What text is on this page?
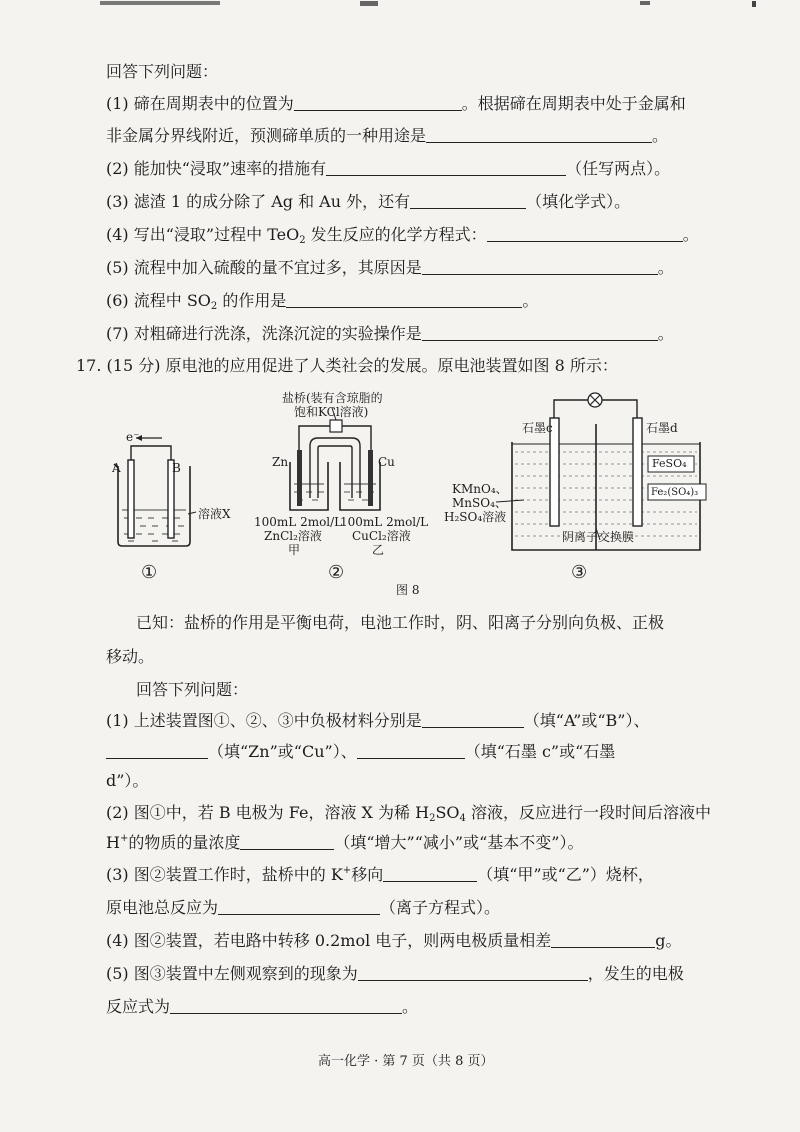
回答下列问题：
(1) 碲在周期表中的位置为	。根据碲在周期表中处于金属和
非金属分界线附近，预测碲单质的一种用途是	。
(2) 能加快“浸取”速率的措施有	（任写两点）。
(3) 滤渣 1 的成分除了 Ag 和 Au 外，还有	（填化学式）。
(4) 写出“浸取”过程中 TeO$_2$ 发生反应的化学方程式：	。
(5) 流程中加入硫酸的量不宜过多，其原因是	。
(6) 流程中 $SO_2$ 的作用是	。
(7) 对粗碲进行洗涤，洗涤沉淀的实验操作是	。
17. (15 分) 原电池的应用促进了人类社会的发展。原电池装置如图 8 所示：
e⁻
A	B
溶液X
①
盐桥(装有含琼脂的
饱和KCl溶液)
Zn	Cu
100mL 2mol/L
ZnCl₂溶液
甲
100mL 2mol/L
CuCl₂溶液
乙
②
石墨c	石墨d
FeSO₄
Fe₂(SO₄)₃
KMnO₄、
MnSO₄、
H₂SO₄溶液
阴离子交换膜
③
图 8
已知：盐桥的作用是平衡电荷，电池工作时，阴、阳离子分别向负极、正极
移动。
回答下列问题：
(1) 上述装置图①、②、③中负极材料分别是	（填“A”或“B”）、
（填“Zn”或“Cu”）、	（填“石墨 c”或“石墨
d”）。
(2) 图①中，若 B 电极为 Fe，溶液 X 为稀 $H_2SO_4$ 溶液，反应进行一段时间后溶液中
H+的物质的量浓度	（填“增大”“减小”或“基本不变”）。
(3) 图②装置工作时，盐桥中的 K+移向	（填“甲”或“乙”）烧杯，
原电池总反应为	（离子方程式）。
(4) 图②装置，若电路中转移 0.2mol 电子，则两电极质量相差	g。
(5) 图③装置中左侧观察到的现象为	，发生的电极
反应式为	。
高一化学 · 第 7 页（共 8 页）
